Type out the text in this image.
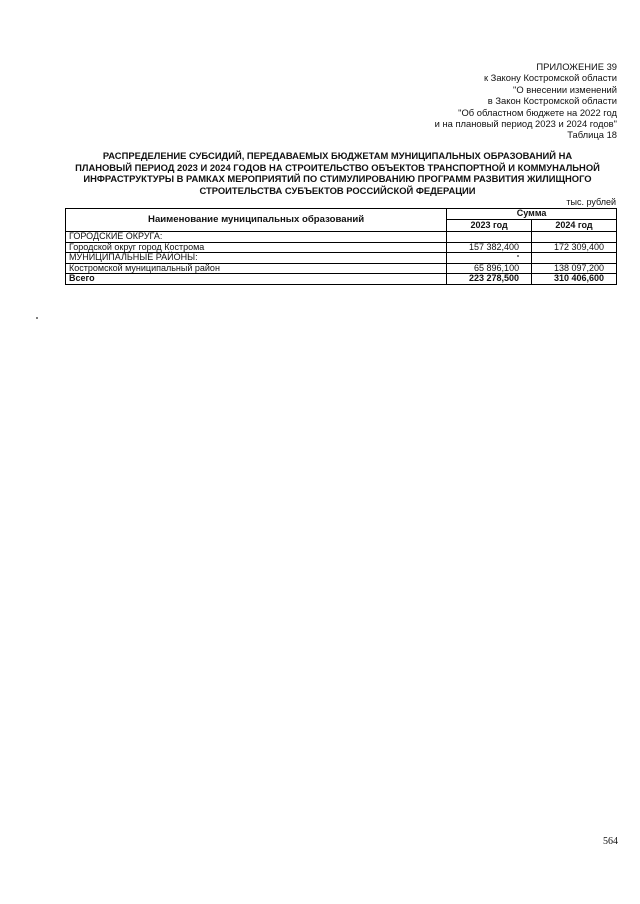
ПРИЛОЖЕНИЕ 39
к Закону Костромской области
"О внесении изменений
в Закон Костромской области
"Об областном бюджете на 2022 год
и на плановый период 2023 и 2024 годов"
Таблица 18
РАСПРЕДЕЛЕНИЕ СУБСИДИЙ, ПЕРЕДАВАЕМЫХ БЮДЖЕТАМ МУНИЦИПАЛЬНЫХ ОБРАЗОВАНИЙ НА
ПЛАНОВЫЙ ПЕРИОД 2023 И 2024 ГОДОВ НА СТРОИТЕЛЬСТВО ОБЪЕКТОВ ТРАНСПОРТНОЙ И КОММУНАЛЬНОЙ
ИНФРАСТРУКТУРЫ В РАМКАХ МЕРОПРИЯТИЙ ПО СТИМУЛИРОВАНИЮ ПРОГРАММ РАЗВИТИЯ ЖИЛИЩНОГО
СТРОИТЕЛЬСТВА СУБЪЕКТОВ РОССИЙСКОЙ ФЕДЕРАЦИИ
тыс. рублей
Наименование муниципальных образований	Сумма	
	2023 год	2024 год
ГОРОДСКИЕ ОКРУГА:		
Городской округ город Кострома	157 382,400	172 309,400
МУНИЦИПАЛЬНЫЕ РАЙОНЫ:		
Костромской муниципальный район	65 896,100	138 097,200
Всего	223 278,500	310 406,600
564
